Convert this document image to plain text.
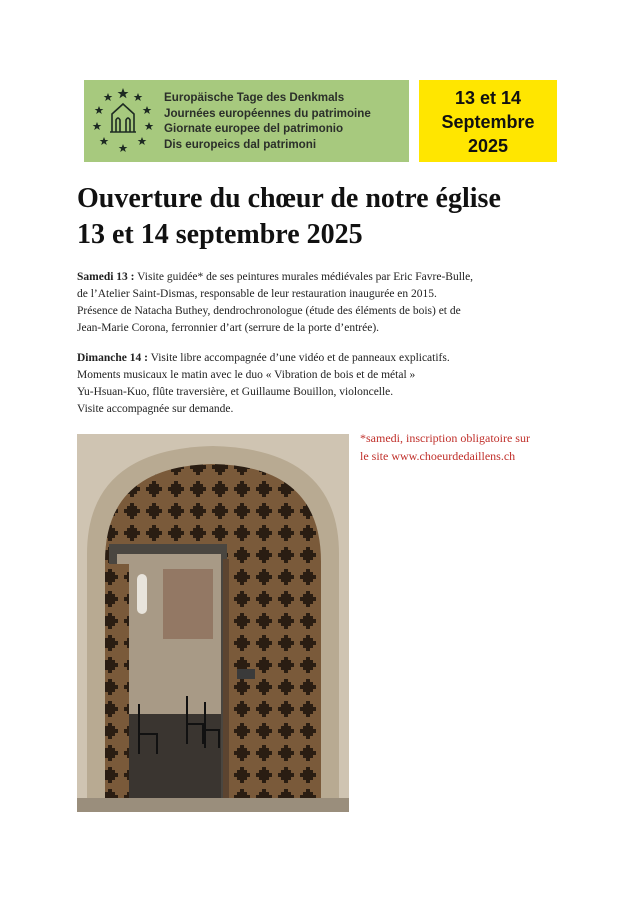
Europäische Tage des Denkmals
Journées européennes du patrimoine
Giornate europee del patrimonio
Dis europeics dal patrimoni
13 et 14
Septembre
2025
Ouverture du chœur de notre église
13 et 14 septembre 2025
Samedi 13 : Visite guidée* de ses peintures murales médiévales par Eric Favre-Bulle,
de l’Atelier Saint-Dismas, responsable de leur restauration inaugurée en 2015.
Présence de Natacha Buthey, dendrochronologue (étude des éléments de bois) et de
Jean-Marie Corona, ferronnier d’art (serrure de la porte d’entrée).
Dimanche 14 : Visite libre accompagnée d’une vidéo et de panneaux explicatifs.
Moments musicaux le matin avec le duo « Vibration de bois et de métal »
Yu-Hsuan-Kuo, flûte traversière, et Guillaume Bouillon, violoncelle.
Visite accompagnée sur demande.
*samedi, inscription obligatoire sur
le site www.choeurdedaillens.ch
